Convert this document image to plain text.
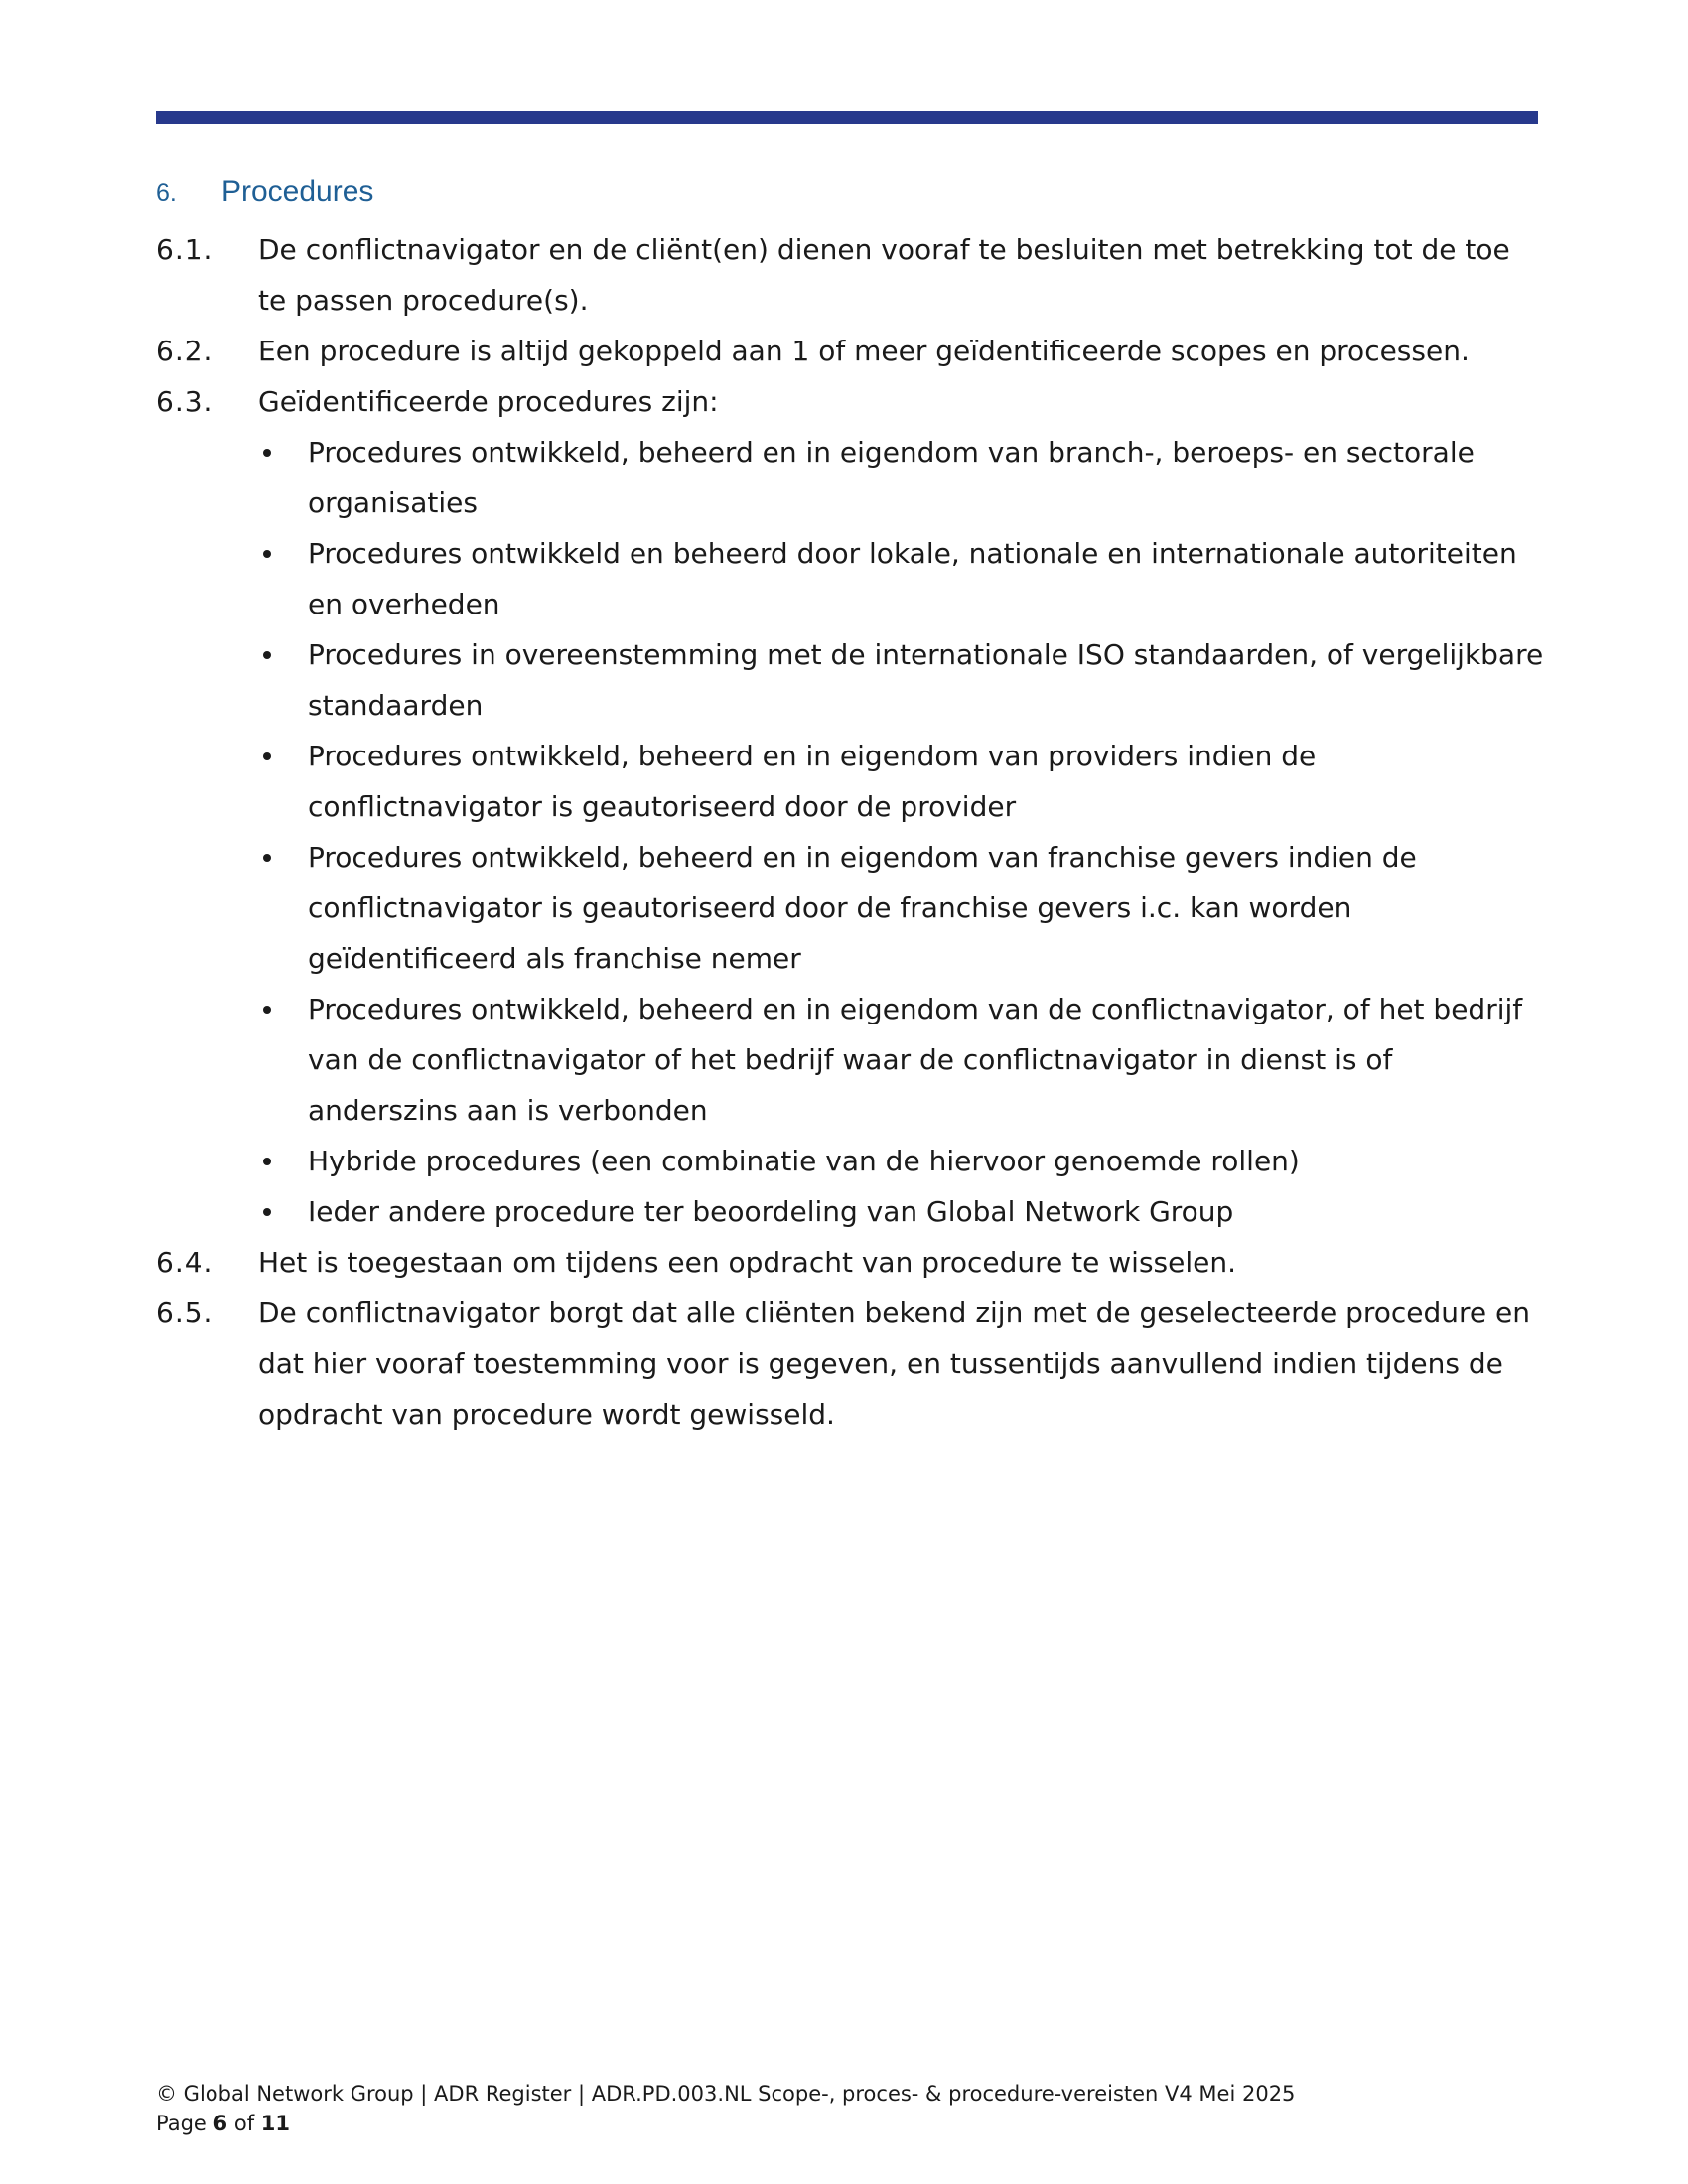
6.	Procedures
6.1.	De conflictnavigator en de cliënt(en) dienen vooraf te besluiten met betrekking tot de toe te passen procedure(s).
6.2.	Een procedure is altijd gekoppeld aan 1 of meer geïdentificeerde scopes en processen.
6.3.	Geïdentificeerde procedures zijn:
Procedures ontwikkeld, beheerd en in eigendom van branch-, beroeps- en sectorale organisaties
Procedures ontwikkeld en beheerd door lokale, nationale en internationale autoriteiten en overheden
Procedures in overeenstemming met de internationale ISO standaarden, of vergelijkbare standaarden
Procedures ontwikkeld, beheerd en in eigendom van providers indien de conflictnavigator is geautoriseerd door de provider
Procedures ontwikkeld, beheerd en in eigendom van franchise gevers indien de conflictnavigator is geautoriseerd door de franchise gevers i.c. kan worden geïdentificeerd als franchise nemer
Procedures ontwikkeld, beheerd en in eigendom van de conflictnavigator, of het bedrijf van de conflictnavigator of het bedrijf waar de conflictnavigator in dienst is of anderszins aan is verbonden
Hybride procedures (een combinatie van de hiervoor genoemde rollen)
Ieder andere procedure ter beoordeling van Global Network Group
6.4.	Het is toegestaan om tijdens een opdracht van procedure te wisselen.
6.5.	De conflictnavigator borgt dat alle cliënten bekend zijn met de geselecteerde procedure en dat hier vooraf toestemming voor is gegeven, en tussentijds aanvullend indien tijdens de opdracht van procedure wordt gewisseld.
© Global Network Group | ADR Register | ADR.PD.003.NL Scope-, proces- & procedure-vereisten V4 Mei 2025
Page 6 of 11
